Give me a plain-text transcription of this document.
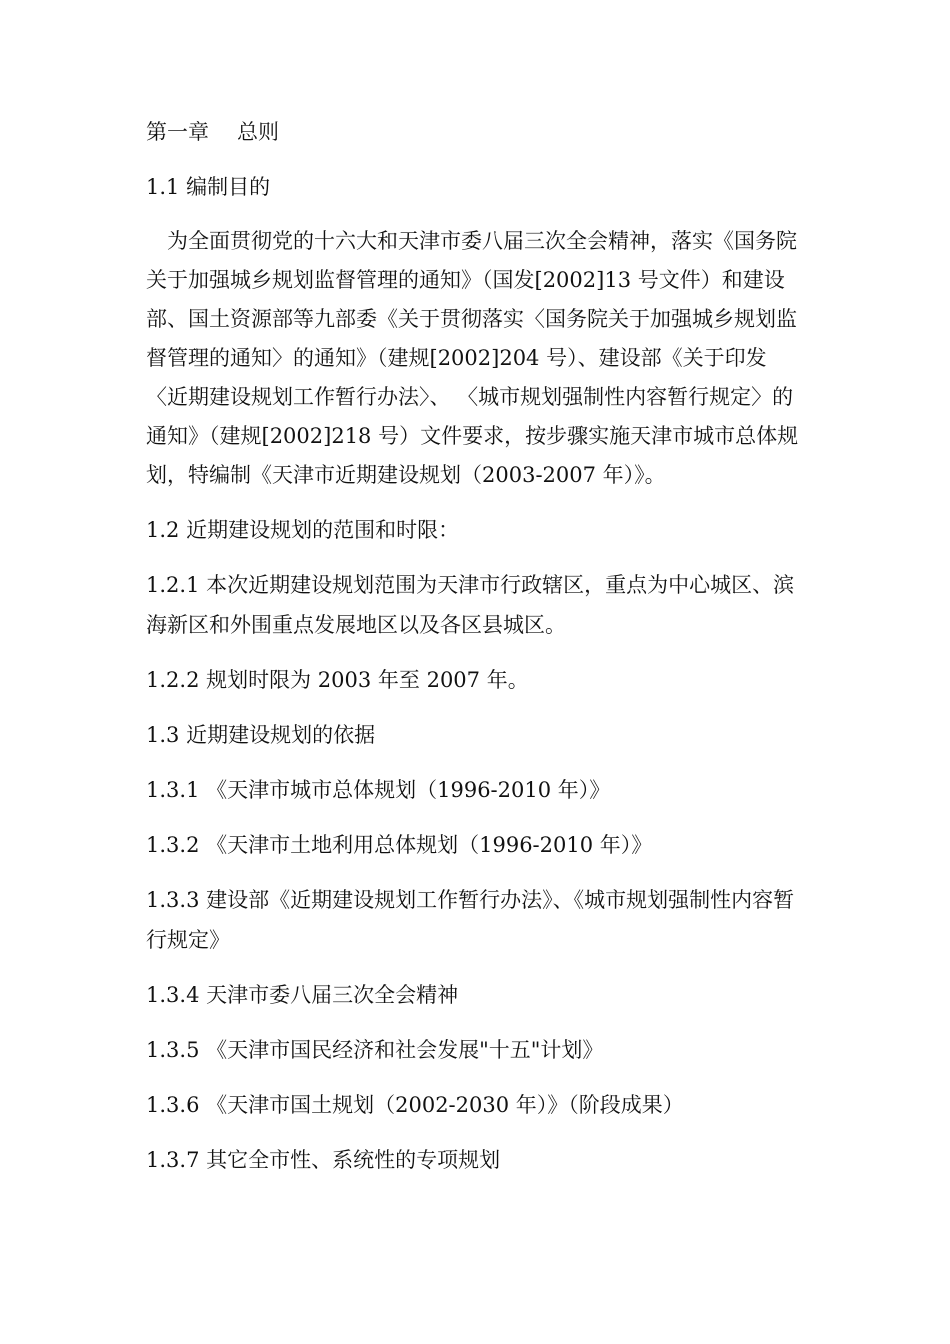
第一章 总则

1.1 编制目的

为全面贯彻党的十六大和天津市委八届三次全会精神，落实《国务院关于加强城乡规划监督管理的通知》（国发[2002]13 号文件）和建设部、国土资源部等九部委《关于贯彻落实〈国务院关于加强城乡规划监督管理的通知〉的通知》（建规[2002]204 号）、建设部《关于印发〈近期建设规划工作暂行办法〉、 〈城市规划强制性内容暂行规定〉的通知》（建规[2002]218 号）文件要求，按步骤实施天津市城市总体规划，特编制《天津市近期建设规划（2003-2007 年）》。

1.2 近期建设规划的范围和时限：

1.2.1 本次近期建设规划范围为天津市行政辖区，重点为中心城区、滨海新区和外围重点发展地区以及各区县城区。

1.2.2 规划时限为 2003 年至 2007 年。

1.3 近期建设规划的依据

1.3.1 《天津市城市总体规划（1996-2010 年）》

1.3.2 《天津市土地利用总体规划（1996-2010 年）》

1.3.3 建设部《近期建设规划工作暂行办法》、《城市规划强制性内容暂行规定》

1.3.4 天津市委八届三次全会精神

1.3.5 《天津市国民经济和社会发展"十五"计划》

1.3.6 《天津市国土规划（2002-2030 年）》（阶段成果）

1.3.7 其它全市性、系统性的专项规划
